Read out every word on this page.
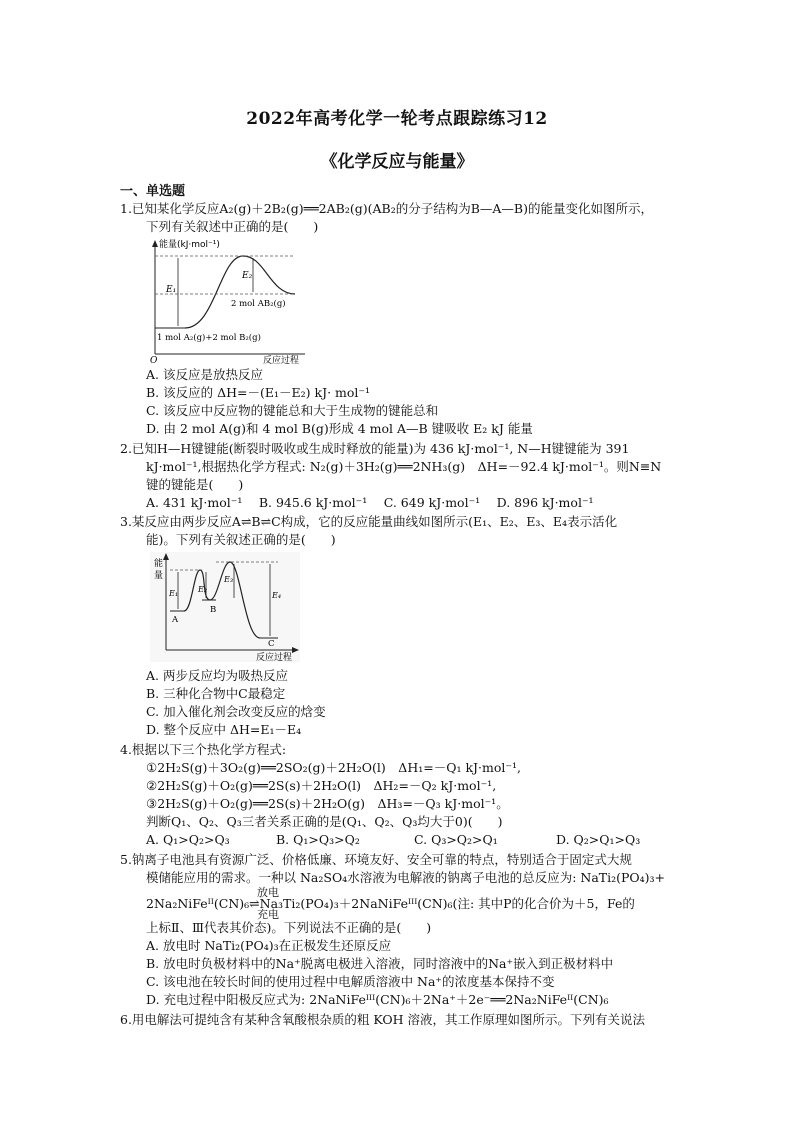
2022年高考化学一轮考点跟踪练习12
《化学反应与能量》
一、单选题
1.已知某化学反应A₂(g)＋2B₂(g)══2AB₂(g)(AB₂的分子结构为B—A—B)的能量变化如图所示，
下列有关叙述中正确的是(　　)
能量(kJ·mol⁻¹)
E₁
E₂
2 mol AB₂(g)
1 mol A₂(g)+2 mol B₂(g)
O	反应过程
A. 该反应是放热反应
B. 该反应的 ΔH=－(E₁－E₂) kJ· mol⁻¹
C. 该反应中反应物的键能总和大于生成物的键能总和
D. 由 2 mol A(g)和 4 mol B(g)形成 4 mol A—B 键吸收 E₂ kJ 能量
2.已知H—H键键能(断裂时吸收或生成时释放的能量)为 436 kJ·mol⁻¹, N—H键键能为 391
kJ·mol⁻¹,根据热化学方程式: N₂(g)＋3H₂(g)══2NH₃(g)　ΔH=－92.4 kJ·mol⁻¹。则N≡N
键的键能是(　　)
A. 431 kJ·mol⁻¹　 B. 945.6 kJ·mol⁻¹　 C. 649 kJ·mol⁻¹　 D. 896 kJ·mol⁻¹
3.某反应由两步反应A⇌B⇌C构成，它的反应能量曲线如图所示(E₁、E₂、E₃、E₄表示活化
能)。下列有关叙述正确的是(　　)
能
量
E₁ E₂
E₃
E₄
A
B
C
反应过程
A. 两步反应均为吸热反应
B. 三种化合物中C最稳定
C. 加入催化剂会改变反应的焓变
D. 整个反应中 ΔH=E₁－E₄
4.根据以下三个热化学方程式:
①2H₂S(g)＋3O₂(g)══2SO₂(g)＋2H₂O(l)　ΔH₁=－Q₁ kJ·mol⁻¹,
②2H₂S(g)＋O₂(g)══2S(s)＋2H₂O(l)　ΔH₂=－Q₂ kJ·mol⁻¹,
③2H₂S(g)＋O₂(g)══2S(s)＋2H₂O(g)　ΔH₃=－Q₃ kJ·mol⁻¹。
判断Q₁、Q₂、Q₃三者关系正确的是(Q₁、Q₂、Q₃均大于0)(　　)
A. Q₁>Q₂>Q₃	B. Q₁>Q₃>Q₂	C. Q₃>Q₂>Q₁	D. Q₂>Q₁>Q₃
5.钠离子电池具有资源广泛、价格低廉、环境友好、安全可靠的特点，特别适合于固定式大规
模储能应用的需求。一种以 Na₂SO₄水溶液为电解液的钠离子电池的总反应为: NaTi₂(PO₄)₃+
放电
2Na₂NiFeᴵᴵ(CN)₆⇌Na₃Ti₂(PO₄)₃＋2NaNiFeᴵᴵᴵ(CN)₆(注: 其中P的化合价为＋5，Fe的
充电
上标Ⅱ、Ⅲ代表其价态)。下列说法不正确的是(　　)
A. 放电时 NaTi₂(PO₄)₃在正极发生还原反应
B. 放电时负极材料中的Na⁺脱离电极进入溶液，同时溶液中的Na⁺嵌入到正极材料中
C. 该电池在较长时间的使用过程中电解质溶液中 Na⁺的浓度基本保持不变
D. 充电过程中阳极反应式为: 2NaNiFeᴵᴵᴵ(CN)₆＋2Na⁺＋2e⁻══2Na₂NiFeᴵᴵ(CN)₆
6.用电解法可提纯含有某种含氧酸根杂质的粗 KOH 溶液，其工作原理如图所示。下列有关说法
